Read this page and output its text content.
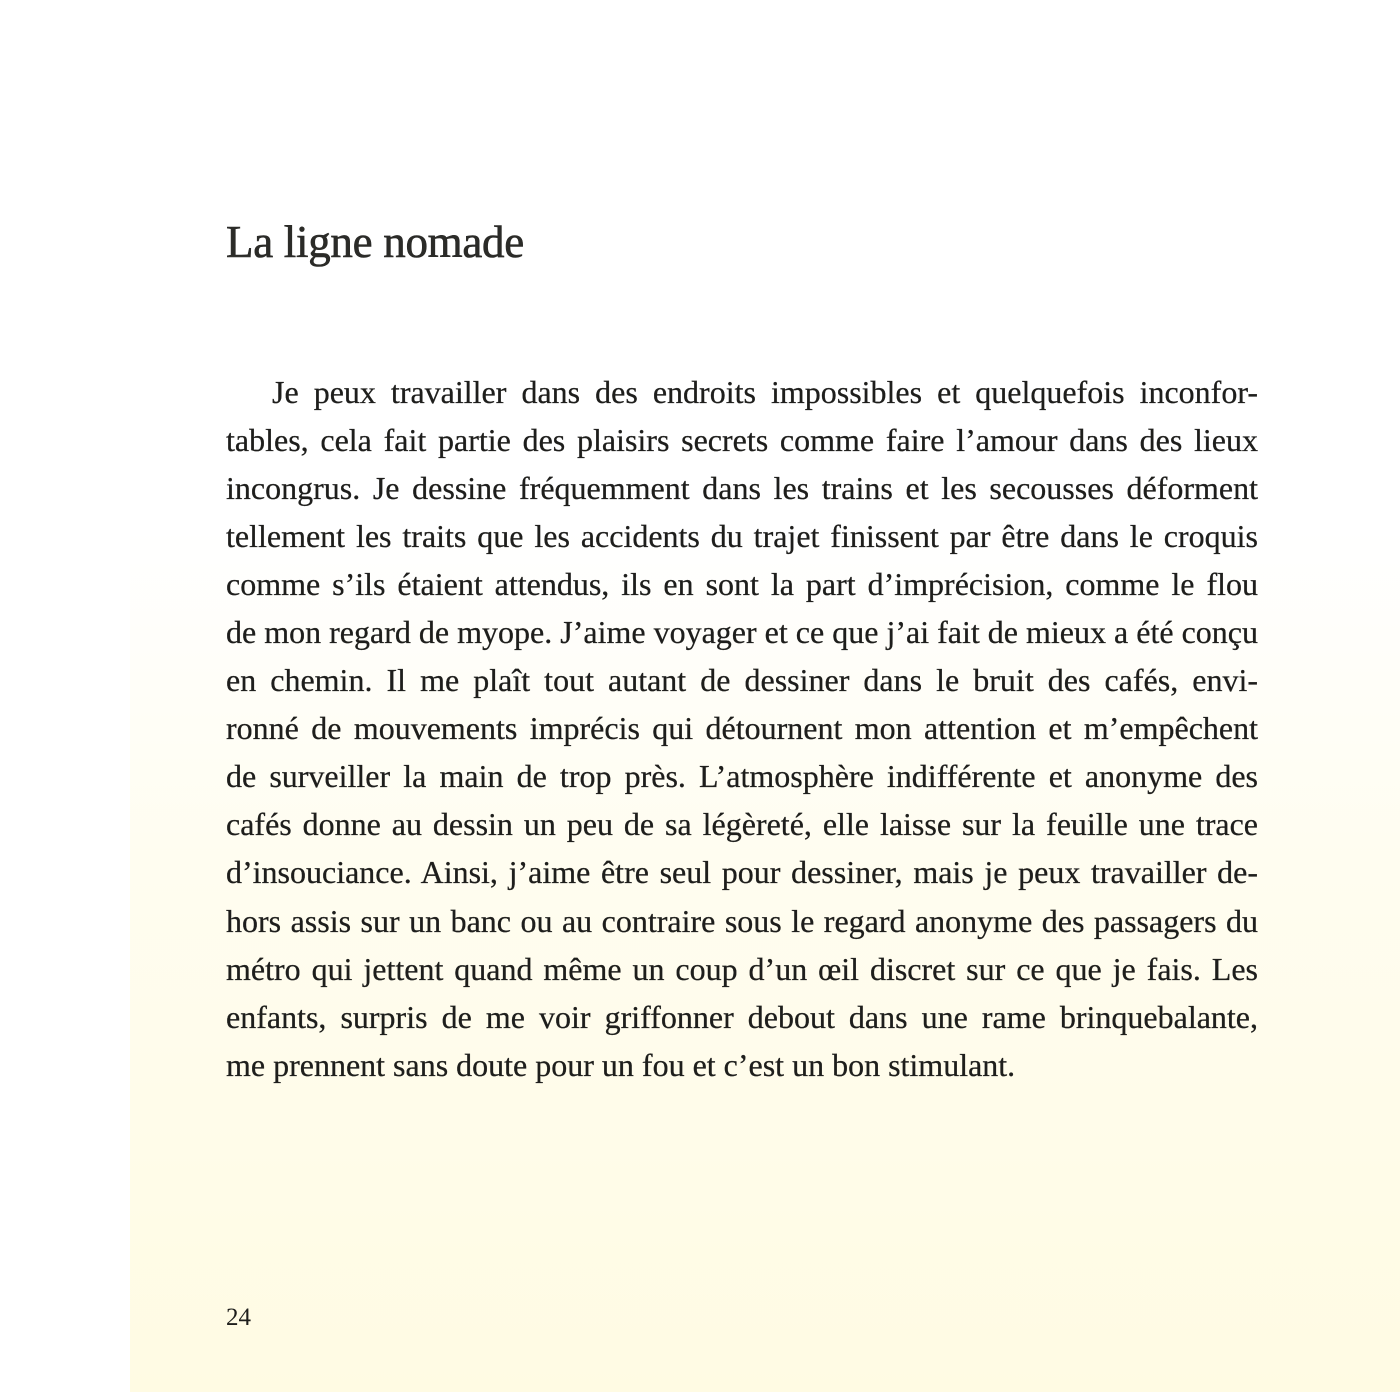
La ligne nomade
Je peux travailler dans des endroits impossibles et quelquefois inconfor-
tables, cela fait partie des plaisirs secrets comme faire l’amour dans des lieux
incongrus. Je dessine fréquemment dans les trains et les secousses déforment
tellement les traits que les accidents du trajet finissent par être dans le croquis
comme s’ils étaient attendus, ils en sont la part d’imprécision, comme le flou
de mon regard de myope. J’aime voyager et ce que j’ai fait de mieux a été conçu
en chemin. Il me plaît tout autant de dessiner dans le bruit des cafés, envi-
ronné de mouvements imprécis qui détournent mon attention et m’empêchent
de surveiller la main de trop près. L’atmosphère indifférente et anonyme des
cafés donne au dessin un peu de sa légèreté, elle laisse sur la feuille une trace
d’insouciance. Ainsi, j’aime être seul pour dessiner, mais je peux travailler de-
hors assis sur un banc ou au contraire sous le regard anonyme des passagers du
métro qui jettent quand même un coup d’un œil discret sur ce que je fais. Les
enfants, surpris de me voir griffonner debout dans une rame brinquebalante,
me prennent sans doute pour un fou et c’est un bon stimulant.

24
